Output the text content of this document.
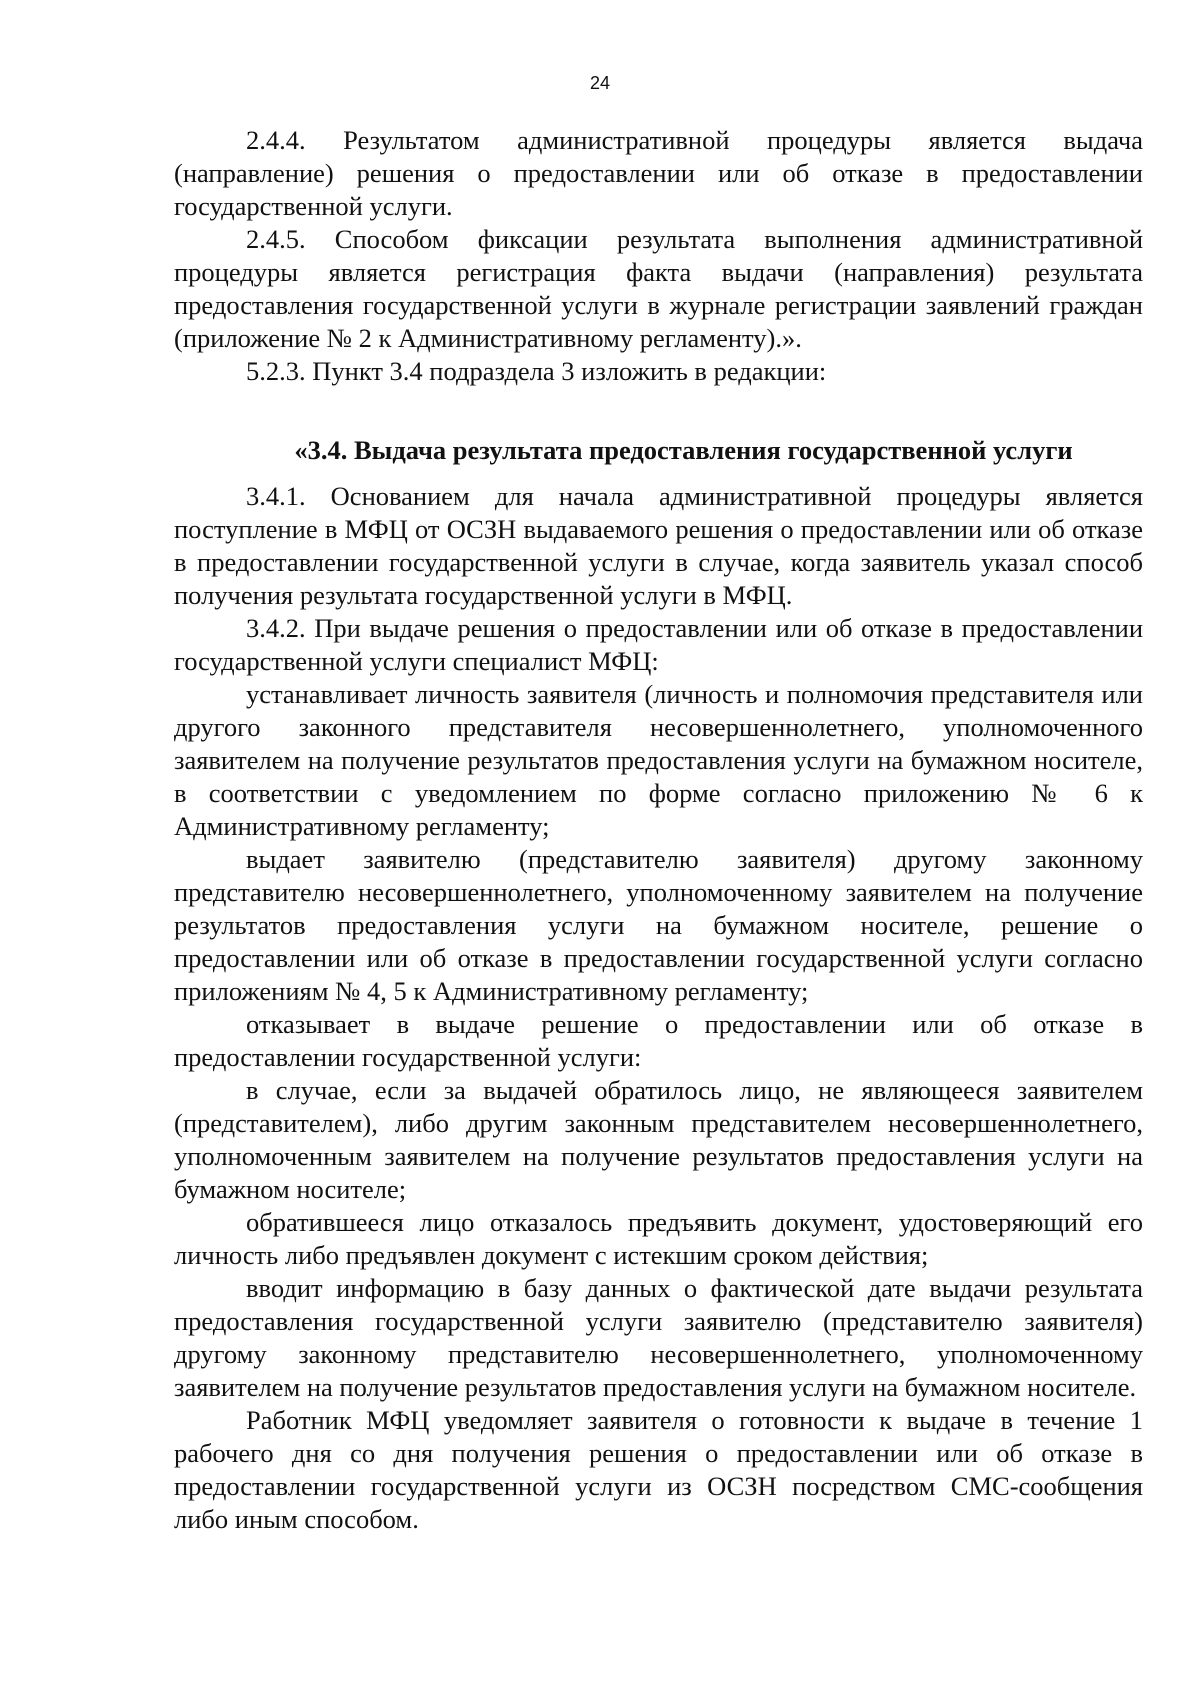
24

2.4.4. Результатом административной процедуры является выдача (направление) решения о предоставлении или об отказе в предоставлении государственной услуги.

2.4.5. Способом фиксации результата выполнения административной процедуры является регистрация факта выдачи (направления) результата предоставления государственной услуги в журнале регистрации заявлений граждан (приложение № 2 к Административному регламенту).».

5.2.3. Пункт 3.4 подраздела 3 изложить в редакции:

«3.4. Выдача результата предоставления государственной услуги

3.4.1. Основанием для начала административной процедуры является поступление в МФЦ от ОСЗН выдаваемого решения о предоставлении или об отказе в предоставлении государственной услуги в случае, когда заявитель указал способ получения результата государственной услуги в МФЦ.

3.4.2. При выдаче решения о предоставлении или об отказе в предоставлении государственной услуги специалист МФЦ:

устанавливает личность заявителя (личность и полномочия представителя или другого законного представителя несовершеннолетнего, уполномоченного заявителем на получение результатов предоставления услуги на бумажном носителе, в соответствии с уведомлением по форме согласно приложению № 6 к Административному регламенту;

выдает заявителю (представителю заявителя) другому законному представителю несовершеннолетнего, уполномоченному заявителем на получение результатов предоставления услуги на бумажном носителе, решение о предоставлении или об отказе в предоставлении государственной услуги согласно приложениям № 4, 5 к Административному регламенту;

отказывает в выдаче решение о предоставлении или об отказе в предоставлении государственной услуги:

в случае, если за выдачей обратилось лицо, не являющееся заявителем (представителем), либо другим законным представителем несовершеннолетнего, уполномоченным заявителем на получение результатов предоставления услуги на бумажном носителе;

обратившееся лицо отказалось предъявить документ, удостоверяющий его личность либо предъявлен документ с истекшим сроком действия;

вводит информацию в базу данных о фактической дате выдачи результата предоставления государственной услуги заявителю (представителю заявителя) другому законному представителю несовершеннолетнего, уполномоченному заявителем на получение результатов предоставления услуги на бумажном носителе.

Работник МФЦ уведомляет заявителя о готовности к выдаче в течение 1 рабочего дня со дня получения решения о предоставлении или об отказе в предоставлении государственной услуги из ОСЗН посредством СМС-сообщения либо иным способом.
